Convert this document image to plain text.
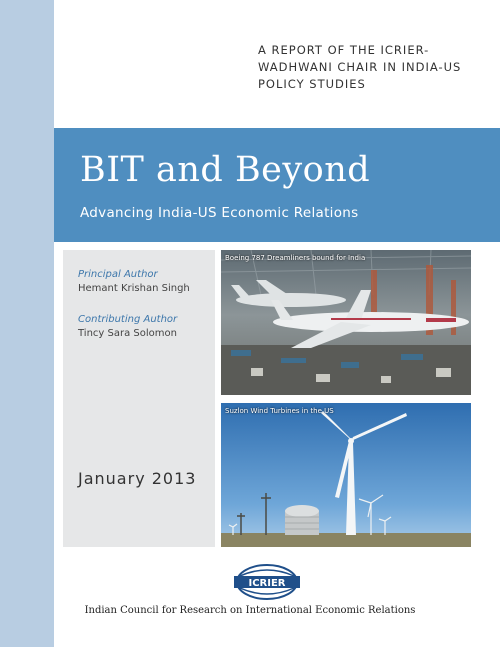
A REPORT OF THE ICRIER-
WADHWANI CHAIR IN INDIA-US
POLICY STUDIES
BIT and Beyond
Advancing India-US Economic Relations
Principal Author
Hemant Krishan Singh
Contributing Author
Tincy Sara Solomon
January 2013
Boeing 787 Dreamliners bound for India
Suzlon Wind Turbines in the US
ICRIER
Indian Council for Research on International Economic Relations
